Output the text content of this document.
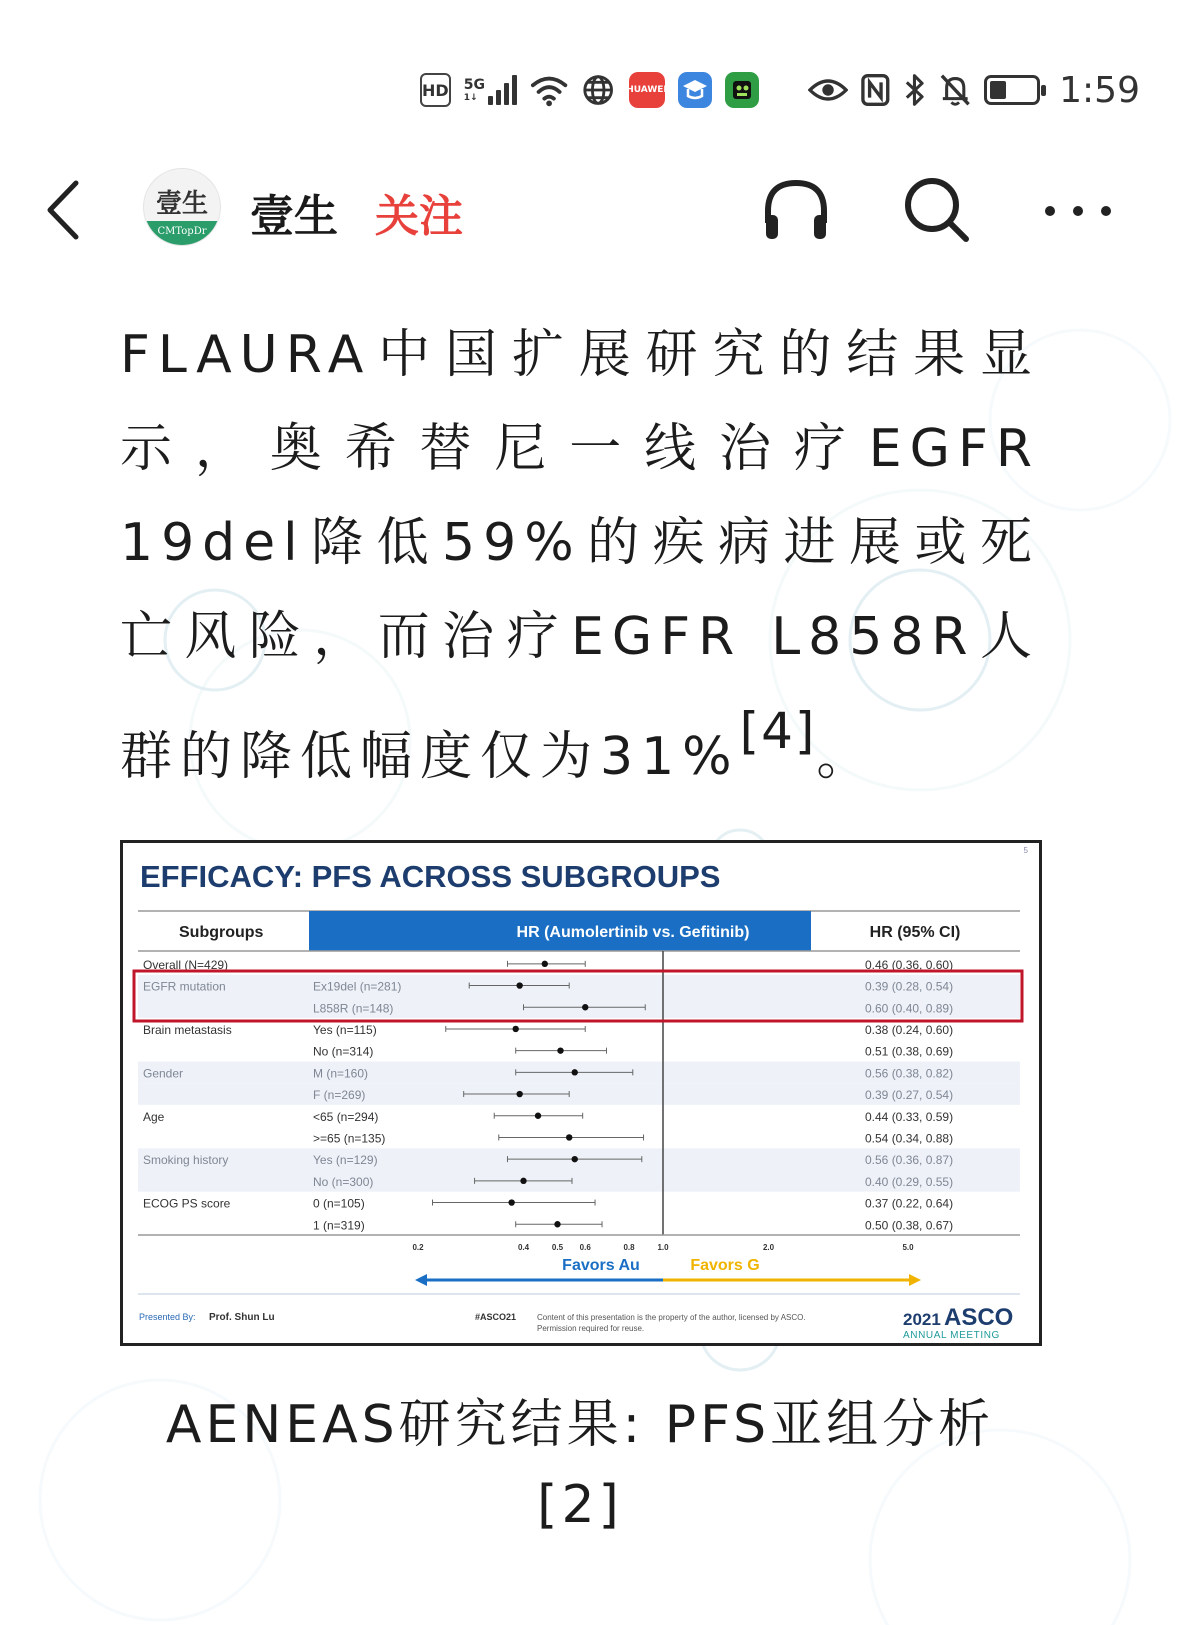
HD 5G
1↓
HUAWEI	1:59
壹生
CMTopDr 壹生 关注
FLAURA中国扩展研究的结果显示，奥希替尼一线治疗EGFR 19del降低59%的疾病进展或死亡风险，而治疗EGFR L858R人群的降低幅度仅为31%[4]。
5
EFFICACY: PFS ACROSS SUBGROUPS
Subgroups	HR (Aumolertinib vs. Gefitinib)	HR (95% CI)
Overall (N=429)	0.46 (0.36, 0.60)
EGFR mutation	Ex19del (n=281)	0.39 (0.28, 0.54)
L858R (n=148)	0.60 (0.40, 0.89)
Brain metastasis	Yes (n=115)	0.38 (0.24, 0.60)
No (n=314)	0.51 (0.38, 0.69)
Gender	M (n=160)	0.56 (0.38, 0.82)
F (n=269)	0.39 (0.27, 0.54)
Age	<65 (n=294)	0.44 (0.33, 0.59)
>=65 (n=135)	0.54 (0.34, 0.88)
Smoking history	Yes (n=129)	0.56 (0.36, 0.87)
No (n=300)	0.40 (0.29, 0.55)
ECOG PS score	0 (n=105)	0.37 (0.22, 0.64)
1 (n=319)	0.50 (0.38, 0.67)
0.2	0.4	0.5 0.6	0.8	1.0	2.0	5.0
Favors Au	Favors G
Presented By: Prof. Shun Lu	#ASCO21	Content of this presentation is the property of the author, licensed by ASCO.
Permission required for reuse.	2021 ASCO
ANNUAL MEETING
AENEAS研究结果: PFS亚组分析
[2]
